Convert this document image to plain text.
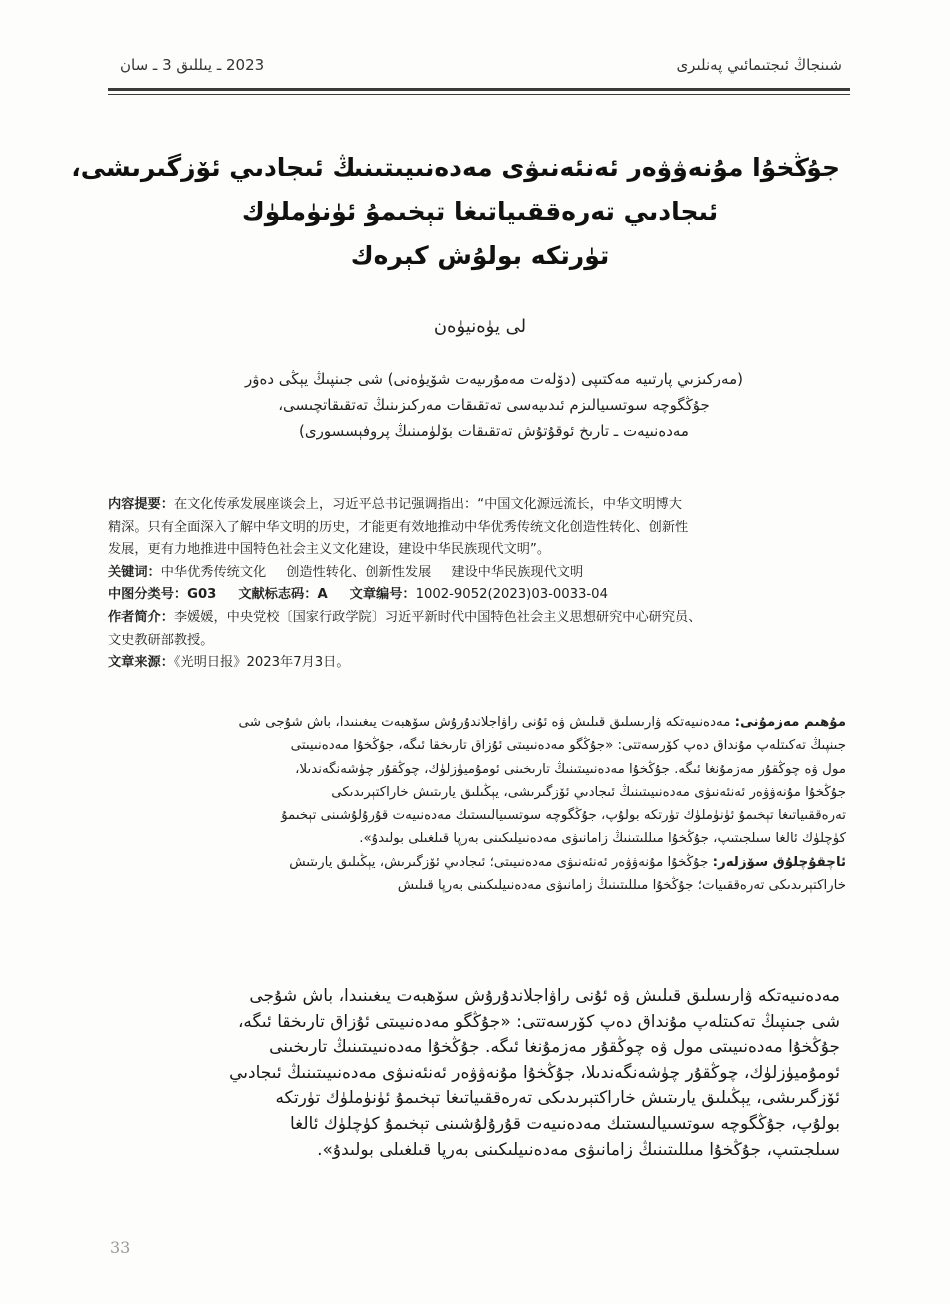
2023 ـ يىللىق 3 ـ سان	شىنجاڭ ئىجتىمائىي پەنلىرى
جۇڭخۇا مۇنەۋۋەر ئەنئەنىۋى مەدەنىيىتىنىڭ ئىجادىي ئۆزگىرىشى،
ئىجادىي تەرەققىياتىغا تېخىمۇ ئۈنۈملۈك
تۈرتكە بولۇش كېرەك
لى يۈەنيۈەن
(مەركىزىي پارتىيە مەكتىپى (دۆلەت مەمۇرىيەت شۆيۈەنى) شى جىنپىڭ يېڭى دەۋر
جۇڭگوچە سوتسىيالىزم ئىدىيەسى تەتقىقات مەركىزىنىڭ تەتقىقاتچىسى،
مەدەنىيەت ـ تارىخ ئوقۇتۇش تەتقىقات بۆلۈمىنىڭ پروفېسسورى)
内容提要：在文化传承发展座谈会上，习近平总书记强调指出：“中国文化源远流长，中华文明博大
精深。只有全面深入了解中华文明的历史，才能更有效地推动中华优秀传统文化创造性转化、创新性
发展，更有力地推进中国特色社会主义文化建设，建设中华民族现代文明”。
关键词：中华优秀传统文化 创造性转化、创新性发展 建设中华民族现代文明
中图分类号：G03 文献标志码：A 文章编号：1002-9052(2023)03-0033-04
作者简介：李媛媛，中央党校〔国家行政学院〕习近平新时代中国特色社会主义思想研究中心研究员、
文史教研部教授。
文章来源：《光明日报》2023年7月3日。
مۇھىم مەزمۇنى: مەدەنىيەتكە ۋارىسلىق قىلىش ۋە ئۇنى راۋاجلاندۇرۇش سۆھبەت يىغىنىدا، باش شۇجى شى
جىنپىڭ تەكىتلەپ مۇنداق دەپ كۆرسەتتى: «جۇڭگو مەدەنىيىتى ئۇزاق تارىخقا ئىگە، جۇڭخۇا مەدەنىيىتى
مول ۋە چوڭقۇر مەزمۇنغا ئىگە. جۇڭخۇا مەدەنىيىتىنىڭ تارىخىنى ئومۇميۈزلۈك، چوڭقۇر چۈشەنگەندىلا،
جۇڭخۇا مۇنەۋۋەر ئەنئەنىۋى مەدەنىيىتىنىڭ ئىجادىي ئۆزگىرىشى، يېڭىلىق يارىتىش خاراكتېرىدىكى
تەرەققىياتىغا تېخىمۇ ئۈنۈملۈك تۈرتكە بولۇپ، جۇڭگوچە سوتسىيالىستىك مەدەنىيەت قۇرۇلۇشىنى تېخىمۇ
كۈچلۈك ئالغا سىلجىتىپ، جۇڭخۇا مىللىتىنىڭ زامانىۋى مەدەنىيلىكىنى بەرپا قىلغىلى بولىدۇ».
ئاچقۇچلۇق سۆزلەر: جۇڭخۇا مۇنەۋۋەر ئەنئەنىۋى مەدەنىيىتى؛ ئىجادىي ئۆزگىرىش، يېڭىلىق يارىتىش
خاراكتېرىدىكى تەرەققىيات؛ جۇڭخۇا مىللىتىنىڭ زامانىۋى مەدەنىيلىكىنى بەرپا قىلىش
مەدەنىيەتكە ۋارىسلىق قىلىش ۋە ئۇنى راۋاجلاندۇرۇش سۆھبەت يىغىنىدا، باش شۇجى
شى جىنپىڭ تەكىتلەپ مۇنداق دەپ كۆرسەتتى: «جۇڭگو مەدەنىيىتى ئۇزاق تارىخقا ئىگە،
جۇڭخۇا مەدەنىيىتى مول ۋە چوڭقۇر مەزمۇنغا ئىگە. جۇڭخۇا مەدەنىيىتىنىڭ تارىخىنى
ئومۇميۈزلۈك، چوڭقۇر چۈشەنگەندىلا، جۇڭخۇا مۇنەۋۋەر ئەنئەنىۋى مەدەنىيىتىنىڭ ئىجادىي
ئۆزگىرىشى، يېڭىلىق يارىتىش خاراكتېرىدىكى تەرەققىياتىغا تېخىمۇ ئۈنۈملۈك تۈرتكە
بولۇپ، جۇڭگوچە سوتسىيالىستىك مەدەنىيەت قۇرۇلۇشىنى تېخىمۇ كۈچلۈك ئالغا
سىلجىتىپ، جۇڭخۇا مىللىتىنىڭ زامانىۋى مەدەنىيلىكىنى بەرپا قىلغىلى بولىدۇ».
33
